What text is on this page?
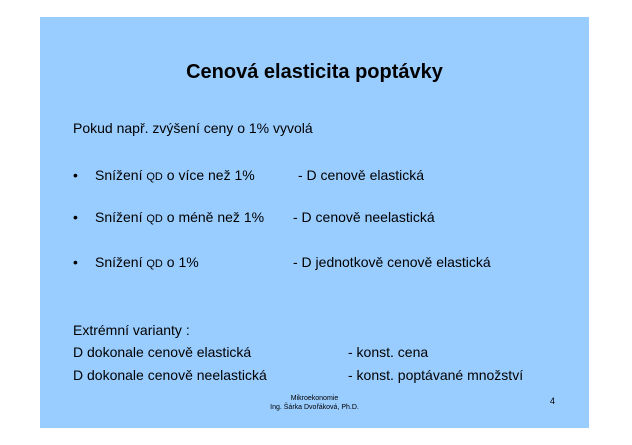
Cenová elasticita poptávky
Pokud např. zvýšení ceny o 1% vyvolá
• Snížení QD o více než 1%	- D cenově elastická
• Snížení QD o méně než 1% - D cenově neelastická
• Snížení QD o 1%	- D jednotkově cenově elastická
Extrémní varianty :
D dokonale cenově elastická	- konst. cena
D dokonale cenově neelastická	- konst. poptávané množství
Mikroekonomie
Ing. Šárka Dvořáková, Ph.D.
4
